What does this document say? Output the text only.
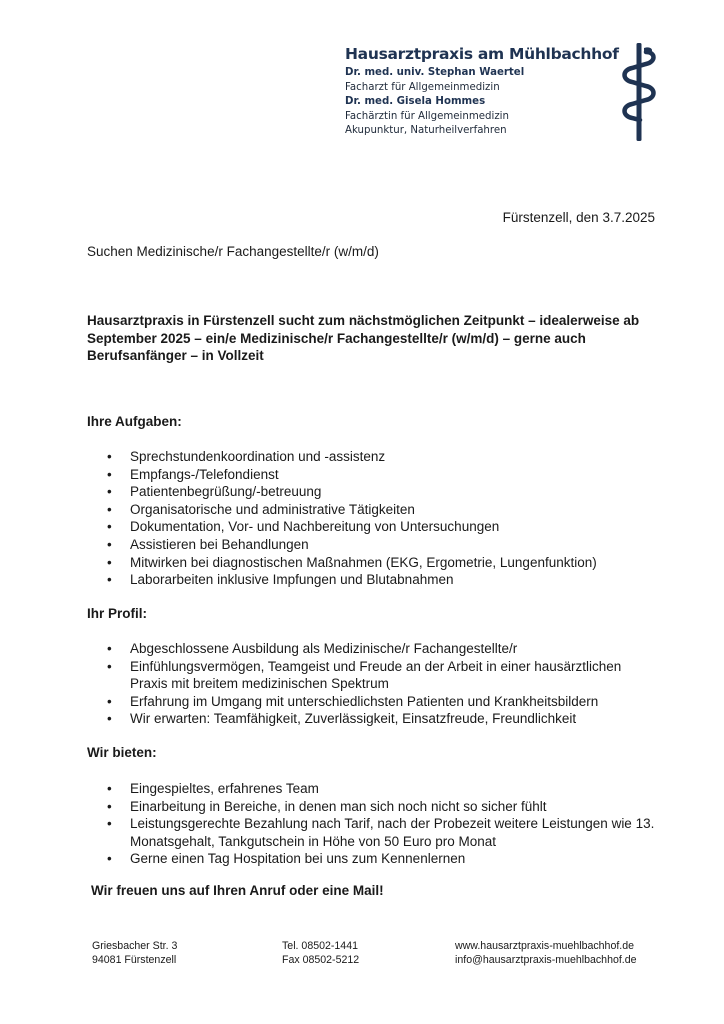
Hausarztpraxis am Mühlbachhof
Dr. med. univ. Stephan Waertel
Facharzt für Allgemeinmedizin
Dr. med. Gisela Hommes
Fachärztin für Allgemeinmedizin
Akupunktur, Naturheilverfahren
Fürstenzell, den 3.7.2025
Suchen Medizinische/r Fachangestellte/r (w/m/d)
Hausarztpraxis in Fürstenzell sucht zum nächstmöglichen Zeitpunkt – idealerweise ab September 2025 – ein/e Medizinische/r Fachangestellte/r (w/m/d) – gerne auch Berufsanfänger – in Vollzeit
Ihre Aufgaben:
• Sprechstundenkoordination und -assistenz
• Empfangs-/Telefondienst
• Patientenbegrüßung/-betreuung
• Organisatorische und administrative Tätigkeiten
• Dokumentation, Vor- und Nachbereitung von Untersuchungen
• Assistieren bei Behandlungen
• Mitwirken bei diagnostischen Maßnahmen (EKG, Ergometrie, Lungenfunktion)
• Laborarbeiten inklusive Impfungen und Blutabnahmen
Ihr Profil:
• Abgeschlossene Ausbildung als Medizinische/r Fachangestellte/r
• Einfühlungsvermögen, Teamgeist und Freude an der Arbeit in einer hausärztlichen Praxis mit breitem medizinischen Spektrum
• Erfahrung im Umgang mit unterschiedlichsten Patienten und Krankheitsbildern
• Wir erwarten: Teamfähigkeit, Zuverlässigkeit, Einsatzfreude, Freundlichkeit
Wir bieten:
• Eingespieltes, erfahrenes Team
• Einarbeitung in Bereiche, in denen man sich noch nicht so sicher fühlt
• Leistungsgerechte Bezahlung nach Tarif, nach der Probezeit weitere Leistungen wie 13. Monatsgehalt, Tankgutschein in Höhe von 50 Euro pro Monat
• Gerne einen Tag Hospitation bei uns zum Kennenlernen
Wir freuen uns auf Ihren Anruf oder eine Mail!
Griesbacher Str. 3
94081 Fürstenzell
Tel. 08502-1441
Fax 08502-5212
www.hausarztpraxis-muehlbachhof.de
info@hausarztpraxis-muehlbachhof.de
